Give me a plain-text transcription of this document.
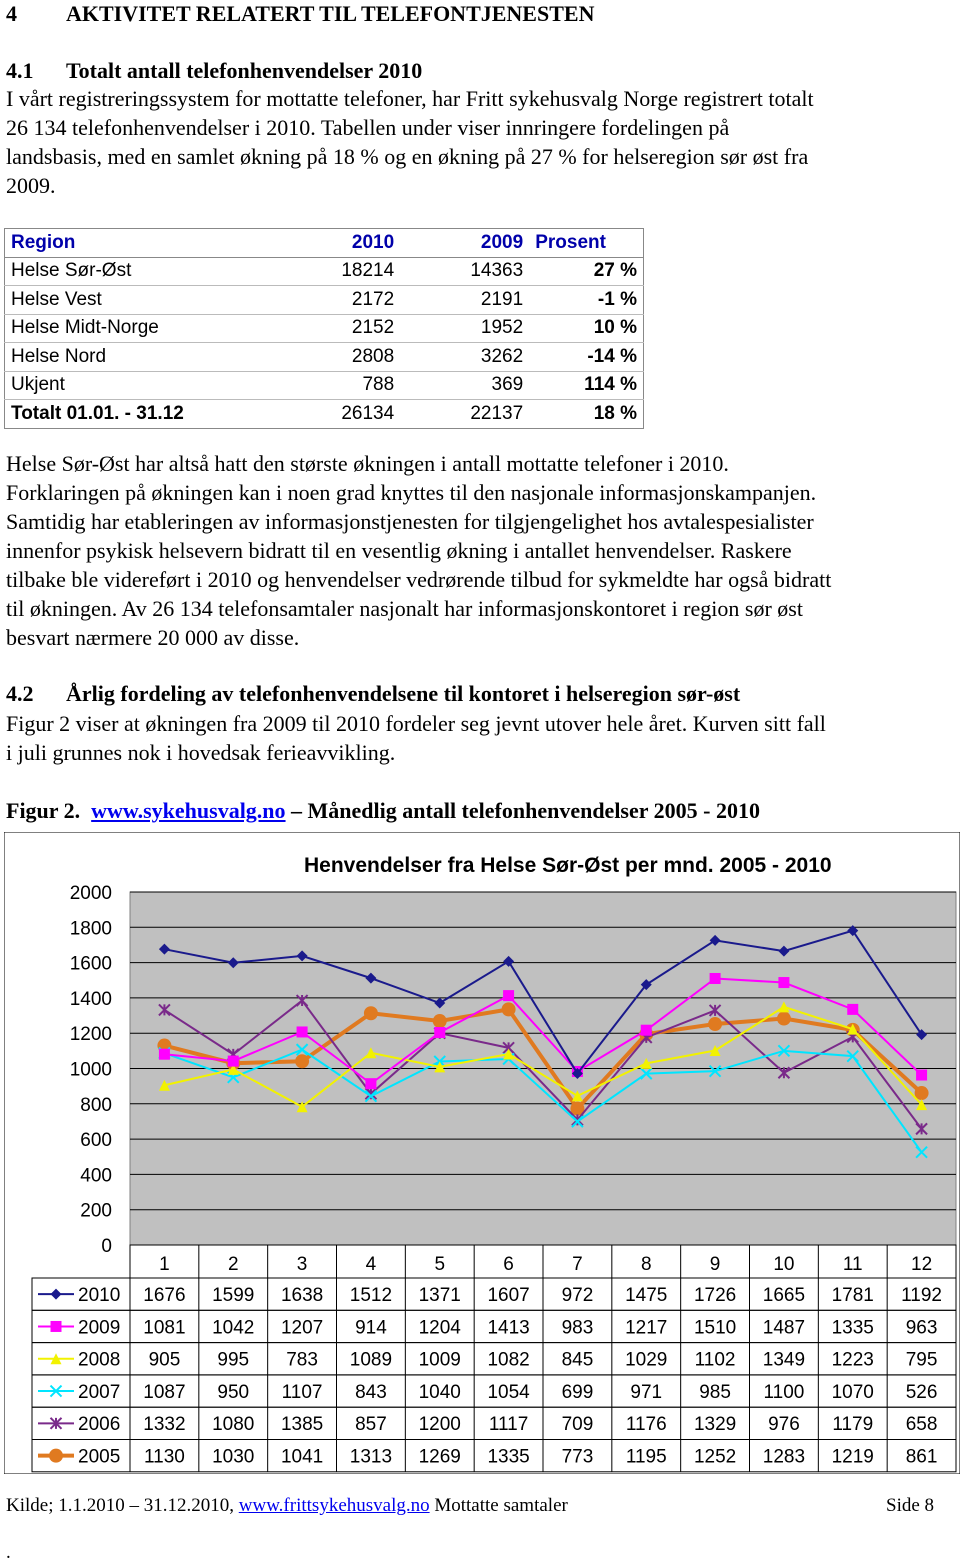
4 AKTIVITET RELATERT TIL TELEFONTJENESTEN
4.1 Totalt antall telefonhenvendelser 2010
I vårt registreringssystem for mottatte telefoner, har Fritt sykehusvalg Norge registrert totalt
26 134 telefonhenvendelser i 2010. Tabellen under viser innringere fordelingen på
landsbasis, med en samlet økning på 18 % og en økning på 27 % for helseregion sør øst fra
2009.
Region	2010	2009	Prosent
Helse Sør-Øst	18214	14363	27 %
Helse Vest	2172	2191	-1 %
Helse Midt-Norge	2152	1952	10 %
Helse Nord	2808	3262	-14 %
Ukjent	788	369	114 %
Totalt 01.01. - 31.12	26134	22137	18 %
Helse Sør-Øst har altså hatt den største økningen i antall mottatte telefoner i 2010.
Forklaringen på økningen kan i noen grad knyttes til den nasjonale informasjonskampanjen.
Samtidig har etableringen av informasjonstjenesten for tilgjengelighet hos avtalespesialister
innenfor psykisk helsevern bidratt til en vesentlig økning i antallet henvendelser. Raskere
tilbake ble videreført i 2010 og henvendelser vedrørende tilbud for sykmeldte har også bidratt
til økningen. Av 26 134 telefonsamtaler nasjonalt har informasjonskontoret i region sør øst
besvart nærmere 20 000 av disse.
4.2 Årlig fordeling av telefonhenvendelsene til kontoret i helseregion sør-øst
Figur 2 viser at økningen fra 2009 til 2010 fordeler seg jevnt utover hele året. Kurven sitt fall
i juli grunnes nok i hovedsak ferieavvikling.
Figur 2. www.sykehusvalg.no – Månedlig antall telefonhenvendelser 2005 - 2010
Henvendelser fra Helse Sør-Øst per mnd. 2005 - 2010
0
200
400
600
800
1000
1200
1400
1600
1800
2000
1	2	3	4	5	6	7	8	9	10	11	12
2010 1676 1599 1638 1512 1371 1607 972 1475 1726 1665 1781 1192
2009 1081 1042 1207 914 1204 1413 983 1217 1510 1487 1335 963
2008 905 995 783 1089 1009 1082 845 1029 1102 1349 1223 795
2007 1087 950 1107 843 1040 1054 699 971 985 1100 1070 526
2006 1332 1080 1385 857 1200 1117 709 1176 1329 976 1179 658
2005 1130 1030 1041 1313 1269 1335 773 1195 1252 1283 1219 861
Kilde; 1.1.2010 – 31.12.2010, www.frittsykehusvalg.no Mottatte samtaler	Side 8
.
